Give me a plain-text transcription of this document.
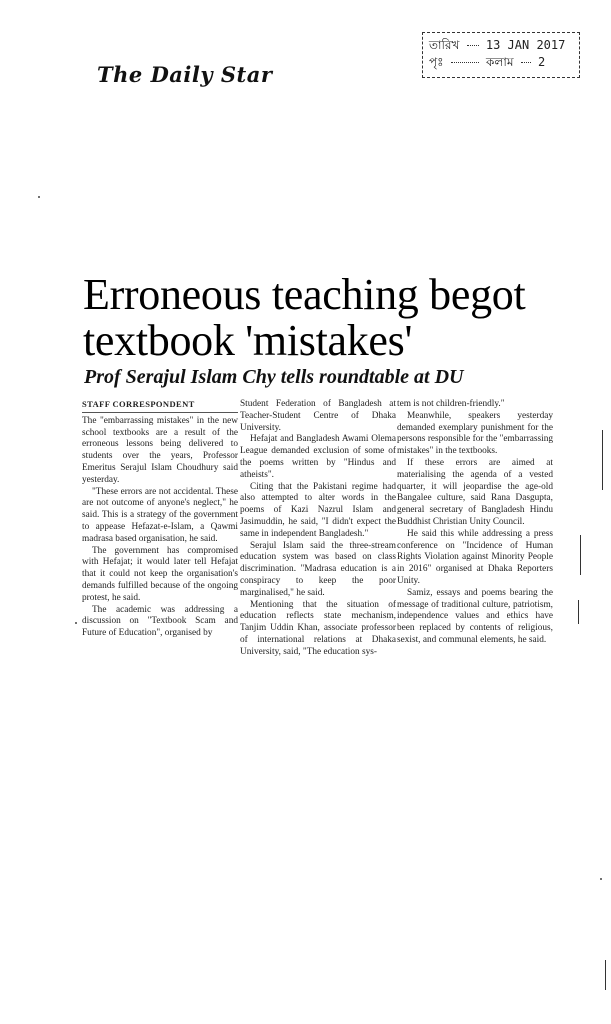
The Daily Star
তারিখ 13 JAN 2017
পৃঃ	কলাম 2
Erroneous teaching begot textbook 'mistakes'
Prof Serajul Islam Chy tells roundtable at DU
STAFF CORRESPONDENT

The "embarrassing mistakes" in the new school textbooks are a result of the erroneous lessons being delivered to students over the years, Professor Emeritus Serajul Islam Choudhury said yesterday.

"These errors are not accidental. These are not outcome of anyone's neglect," he said. This is a strategy of the government to appease Hefazat-e-Islam, a Qawmi madrasa based organisation, he said.

The government has compromised with Hefajat; it would later tell Hefajat that it could not keep the organisation's demands fulfilled because of the ongoing protest, he said.

The academic was addressing a discussion on "Textbook Scam and Future of Education", organised by

Student Federation of Bangladesh at Teacher-Student Centre of Dhaka University.

Hefajat and Bangladesh Awami Olema League demanded exclusion of some of the poems written by "Hindus and atheists".

Citing that the Pakistani regime had also attempted to alter words in the poems of Kazi Nazrul Islam and Jasimuddin, he said, "I didn't expect the same in independent Bangladesh."

Serajul Islam said the three-stream education system was based on class discrimination. "Madrasa education is a conspiracy to keep the poor marginalised," he said.

Mentioning that the situation of education reflects state mechanism, Tanjim Uddin Khan, associate professor of international relations at Dhaka University, said, "The education sys-

tem is not children-friendly."

Meanwhile, speakers yesterday demanded exemplary punishment for the persons responsible for the "embarrassing mistakes" in the textbooks.

If these errors are aimed at materialising the agenda of a vested quarter, it will jeopardise the age-old Bangalee culture, said Rana Dasgupta, general secretary of Bangladesh Hindu Buddhist Christian Unity Council.

He said this while addressing a press conference on "Incidence of Human Rights Violation against Minority People in 2016" organised at Dhaka Reporters Unity.

Samiz, essays and poems bearing the message of traditional culture, patriotism, independence values and ethics have been replaced by contents of religious, sexist, and communal elements, he said.
